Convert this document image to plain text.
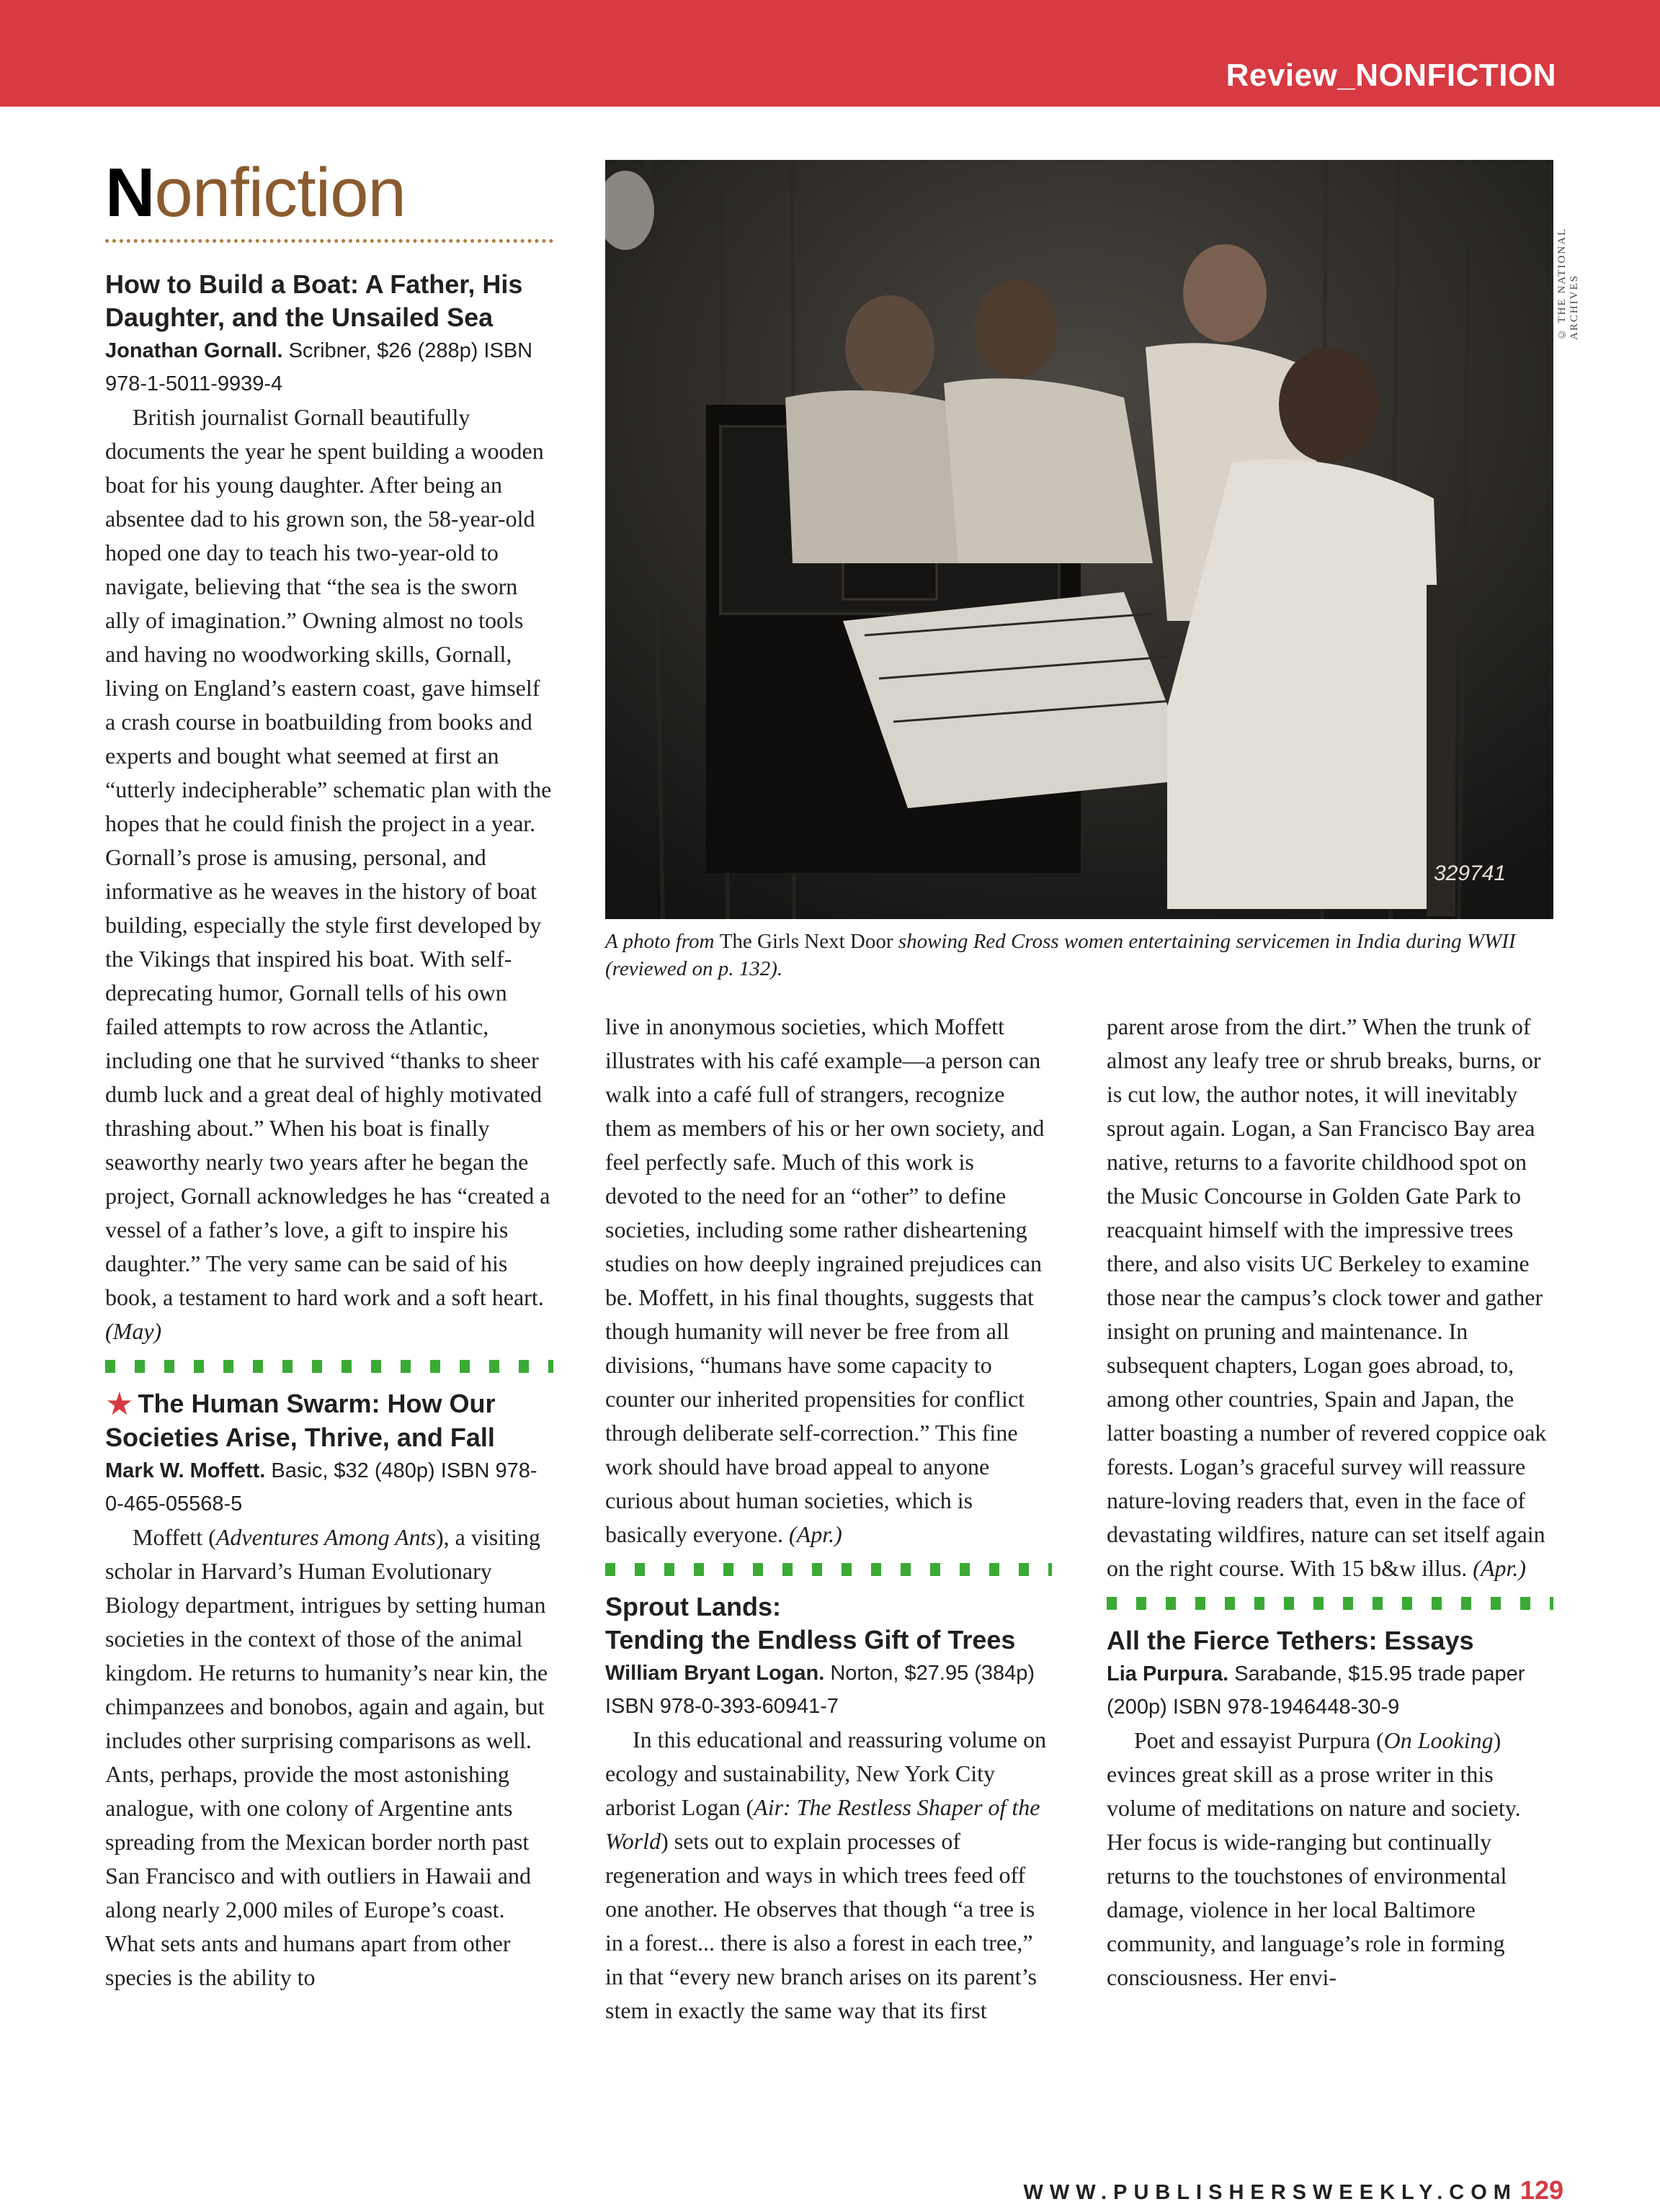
Review_NONFICTION
Nonfiction
How to Build a Boat: A Father, His Daughter, and the Unsailed Sea

Jonathan Gornall. Scribner, $26 (288p) ISBN 978-1-5011-9939-4

British journalist Gornall beautifully documents the year he spent building a wooden boat for his young daughter. After being an absentee dad to his grown son, the 58-year-old hoped one day to teach his two-year-old to navigate, believing that “the sea is the sworn ally of imagination.” Owning almost no tools and having no woodworking skills, Gornall, living on England’s eastern coast, gave himself a crash course in boatbuilding from books and experts and bought what seemed at first an “utterly indecipherable” schematic plan with the hopes that he could finish the project in a year. Gornall’s prose is amusing, personal, and informative as he weaves in the history of boat building, especially the style first developed by the Vikings that inspired his boat. With self-deprecating humor, Gornall tells of his own failed attempts to row across the Atlantic, including one that he survived “thanks to sheer dumb luck and a great deal of highly motivated thrashing about.” When his boat is finally seaworthy nearly two years after he began the project, Gornall acknowledges he has “created a vessel of a father’s love, a gift to inspire his daughter.” The very same can be said of his book, a testament to hard work and a soft heart. (May)

★ The Human Swarm: How Our Societies Arise, Thrive, and Fall

Mark W. Moffett. Basic, $32 (480p) ISBN 978-0-465-05568-5

Moffett (Adventures Among Ants), a visiting scholar in Harvard’s Human Evolutionary Biology department, intrigues by setting human societies in the context of those of the animal kingdom. He returns to humanity’s near kin, the chimpanzees and bonobos, again and again, but includes other surprising comparisons as well. Ants, perhaps, provide the most astonishing analogue, with one colony of Argentine ants spreading from the Mexican border north past San Francisco and with outliers in Hawaii and along nearly 2,000 miles of Europe’s coast. What sets ants and humans apart from other species is the ability to

329741
© THE NATIONAL ARCHIVES
A photo from The Girls Next Door showing Red Cross women entertaining servicemen in India during WWII (reviewed on p. 132).

live in anonymous societies, which Moffett illustrates with his café example—a person can walk into a café full of strangers, recognize them as members of his or her own society, and feel perfectly safe. Much of this work is devoted to the need for an “other” to define societies, including some rather disheartening studies on how deeply ingrained prejudices can be. Moffett, in his final thoughts, suggests that though humanity will never be free from all divisions, “humans have some capacity to counter our inherited propensities for conflict through deliberate self-correction.” This fine work should have broad appeal to anyone curious about human societies, which is basically everyone. (Apr.)

Sprout Lands:
Tending the Endless Gift of Trees

William Bryant Logan. Norton, $27.95 (384p) ISBN 978-0-393-60941-7

In this educational and reassuring volume on ecology and sustainability, New York City arborist Logan (Air: The Restless Shaper of the World) sets out to explain processes of regeneration and ways in which trees feed off one another. He observes that though “a tree is in a forest... there is also a forest in each tree,” in that “every new branch arises on its parent’s stem in exactly the same way that its first

parent arose from the dirt.” When the trunk of almost any leafy tree or shrub breaks, burns, or is cut low, the author notes, it will inevitably sprout again. Logan, a San Francisco Bay area native, returns to a favorite childhood spot on the Music Concourse in Golden Gate Park to reacquaint himself with the impressive trees there, and also visits UC Berkeley to examine those near the campus’s clock tower and gather insight on pruning and maintenance. In subsequent chapters, Logan goes abroad, to, among other countries, Spain and Japan, the latter boasting a number of revered coppice oak forests. Logan’s graceful survey will reassure nature-loving readers that, even in the face of devastating wildfires, nature can set itself again on the right course. With 15 b&w illus. (Apr.)

All the Fierce Tethers: Essays

Lia Purpura. Sarabande, $15.95 trade paper (200p) ISBN 978-1946448-30-9

Poet and essayist Purpura (On Looking) evinces great skill as a prose writer in this volume of meditations on nature and society. Her focus is wide-ranging but continually returns to the touchstones of environmental damage, violence in her local Baltimore community, and language’s role in forming consciousness. Her envi-

WWW.PUBLISHERSWEEKLY.COM 129
